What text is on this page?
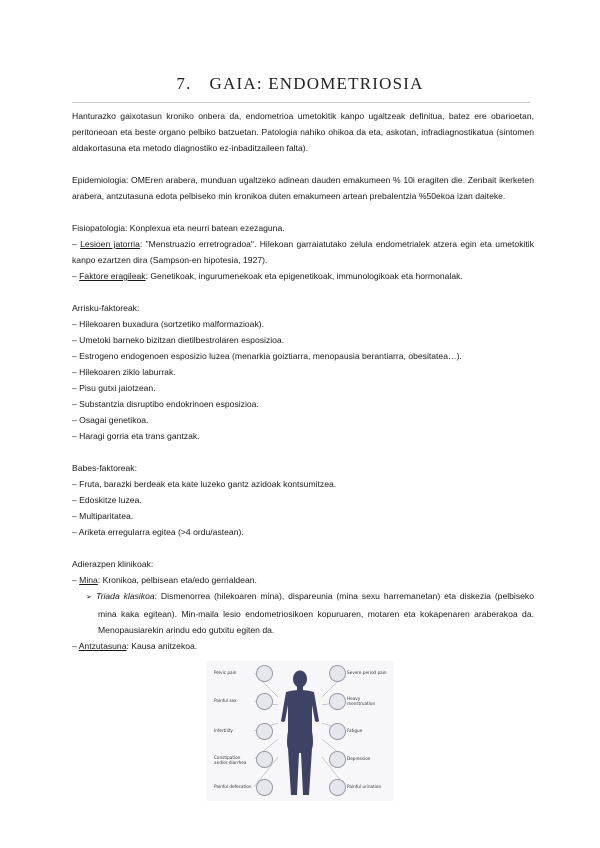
7. GAIA: ENDOMETRIOSIA

Hanturazko gaixotasun kroniko onbera da, endometrioa umetokitik kanpo ugaltzeak definitua, batez ere obarioetan, peritoneoan eta beste organo pelbiko batzuetan. Patologia nahiko ohikoa da eta, askotan, infradiagnostikatua (sintomen aldakortasuna eta metodo diagnostiko ez-inbaditzaileen falta).

Epidemiologia: OMEren arabera, munduan ugaltzeko adinean dauden emakumeen % 10i eragiten die. Zenbait ikerketen arabera, antzutasuna edota pelbiseko min kronikoa duten emakumeen artean prebalentzia %50ekoa izan daiteke.

Fisiopatologia: Konplexua eta neurri batean ezezaguna.

– Lesioen jatorria: "Menstruazio erretrogradoa". Hilekoan garraiatutako zelula endometrialek atzera egin eta umetokitik kanpo ezartzen dira (Sampson-en hipotesia, 1927).

– Faktore eragileak: Genetikoak, ingurumenekoak eta epigenetikoak, immunologikoak eta hormonalak.

Arrisku-faktoreak:

– Hilekoaren buxadura (sortzetiko malformazioak).

– Umetoki barneko bizitzan dietilbestrolaren esposizioa.

– Estrogeno endogenoen esposizio luzea (menarkia goiztiarra, menopausia berantiarra, obesitatea…).

– Hilekoaren ziklo laburrak.

– Pisu gutxi jaiotzean.

– Substantzia disruptibo endokrinoen esposizioa.

– Osagai genetikoa.

– Haragi gorria eta trans gantzak.

Babes-faktoreak:

– Fruta, barazki berdeak eta kate luzeko gantz azidoak kontsumitzea.

– Edoskitze luzea.

– Multiparitatea.

– Ariketa erregularra egitea (>4 ordu/astean).

Adierazpen klinikoak:

– Mina: Kronikoa, pelbisean eta/edo gerrialdean.

➢ Triada klasikoa: Dismenorrea (hilekoaren mina), dispareunia (mina sexu harremanetan) eta diskezia (pelbiseko mina kaka egitean). Min-maila lesio endometriosikoen kopuruaren, motaren eta kokapenaren araberakoa da. Menopausiarekin arindu edo gutxitu egiten da.

– Antzutasuna: Kausa anitzekoa.

Pelvic pain
Painful sex
Infertility
Constipation and/or diarrhea
Painful defecation
Severe period pain
Heavy menstruation
Fatigue
Depression
Painful urination
